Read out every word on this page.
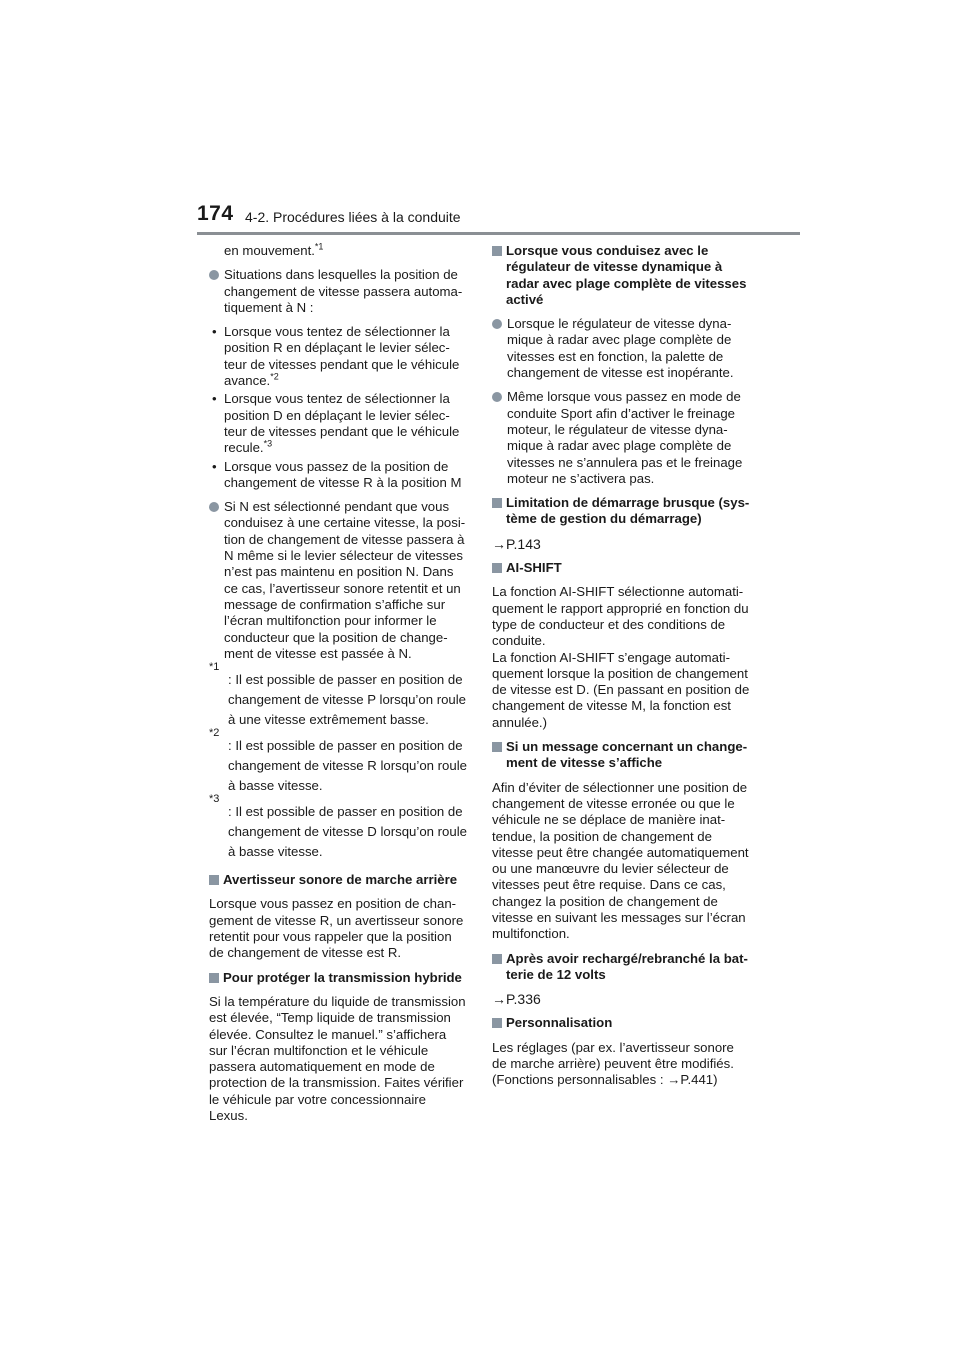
174 4-2. Procédures liées à la conduite

en mouvement.$^{*1}$

Situations dans lesquelles la position de changement de vitesse passera automatiquement à N :
• Lorsque vous tentez de sélectionner la position R en déplaçant le levier sélecteur de vitesses pendant que le véhicule avance.$^{*2}$
• Lorsque vous tentez de sélectionner la position D en déplaçant le levier sélecteur de vitesses pendant que le véhicule recule.$^{*3}$
• Lorsque vous passez de la position de changement de vitesse R à la position M
Si N est sélectionné pendant que vous conduisez à une certaine vitesse, la position de changement de vitesse passera à N même si le levier sélecteur de vitesses n’est pas maintenu en position N. Dans ce cas, l’avertisseur sonore retentit et un message de confirmation s’affiche sur l’écran multifonction pour informer le conducteur que la position de changement de vitesse est passée à N.
*1
: Il est possible de passer en position de changement de vitesse P lorsqu’on roule à une vitesse extrêmement basse.
*2
: Il est possible de passer en position de changement de vitesse R lorsqu’on roule à basse vitesse.
*3
: Il est possible de passer en position de changement de vitesse D lorsqu’on roule à basse vitesse.
Avertisseur sonore de marche arrière

Lorsque vous passez en position de changement de vitesse R, un avertisseur sonore retentit pour vous rappeler que la position de changement de vitesse est R.

Pour protéger la transmission hybride

Si la température du liquide de transmission est élevée, “Temp liquide de transmission élevée. Consultez le manuel.” s’affichera sur l’écran multifonction et le véhicule passera automatiquement en mode de protection de la transmission. Faites vérifier le véhicule par votre concessionnaire Lexus.

Lorsque vous conduisez avec le régulateur de vitesse dynamique à radar avec plage complète de vitesses activé
Lorsque le régulateur de vitesse dynamique à radar avec plage complète de vitesses est en fonction, la palette de changement de vitesse est inopérante.
Même lorsque vous passez en mode de conduite Sport afin d’activer le freinage moteur, le régulateur de vitesse dynamique à radar avec plage complète de vitesses ne s’annulera pas et le freinage moteur ne s’activera pas.
Limitation de démarrage brusque (système de gestion du démarrage)

→P.143

AI-SHIFT

La fonction AI-SHIFT sélectionne automatiquement le rapport approprié en fonction du type de conducteur et des conditions de conduite.

La fonction AI-SHIFT s’engage automatiquement lorsque la position de changement de vitesse est D. (En passant en position de changement de vitesse M, la fonction est annulée.)

Si un message concernant un changement de vitesse s’affiche

Afin d’éviter de sélectionner une position de changement de vitesse erronée ou que le véhicule ne se déplace de manière inattendue, la position de changement de vitesse peut être changée automatiquement ou une manœuvre du levier sélecteur de vitesses peut être requise. Dans ce cas, changez la position de changement de vitesse en suivant les messages sur l’écran multifonction.

Après avoir rechargé/rebranché la batterie de 12 volts

→P.336

Personnalisation

Les réglages (par ex. l’avertisseur sonore de marche arrière) peuvent être modifiés. (Fonctions personnalisables : →P.441)
